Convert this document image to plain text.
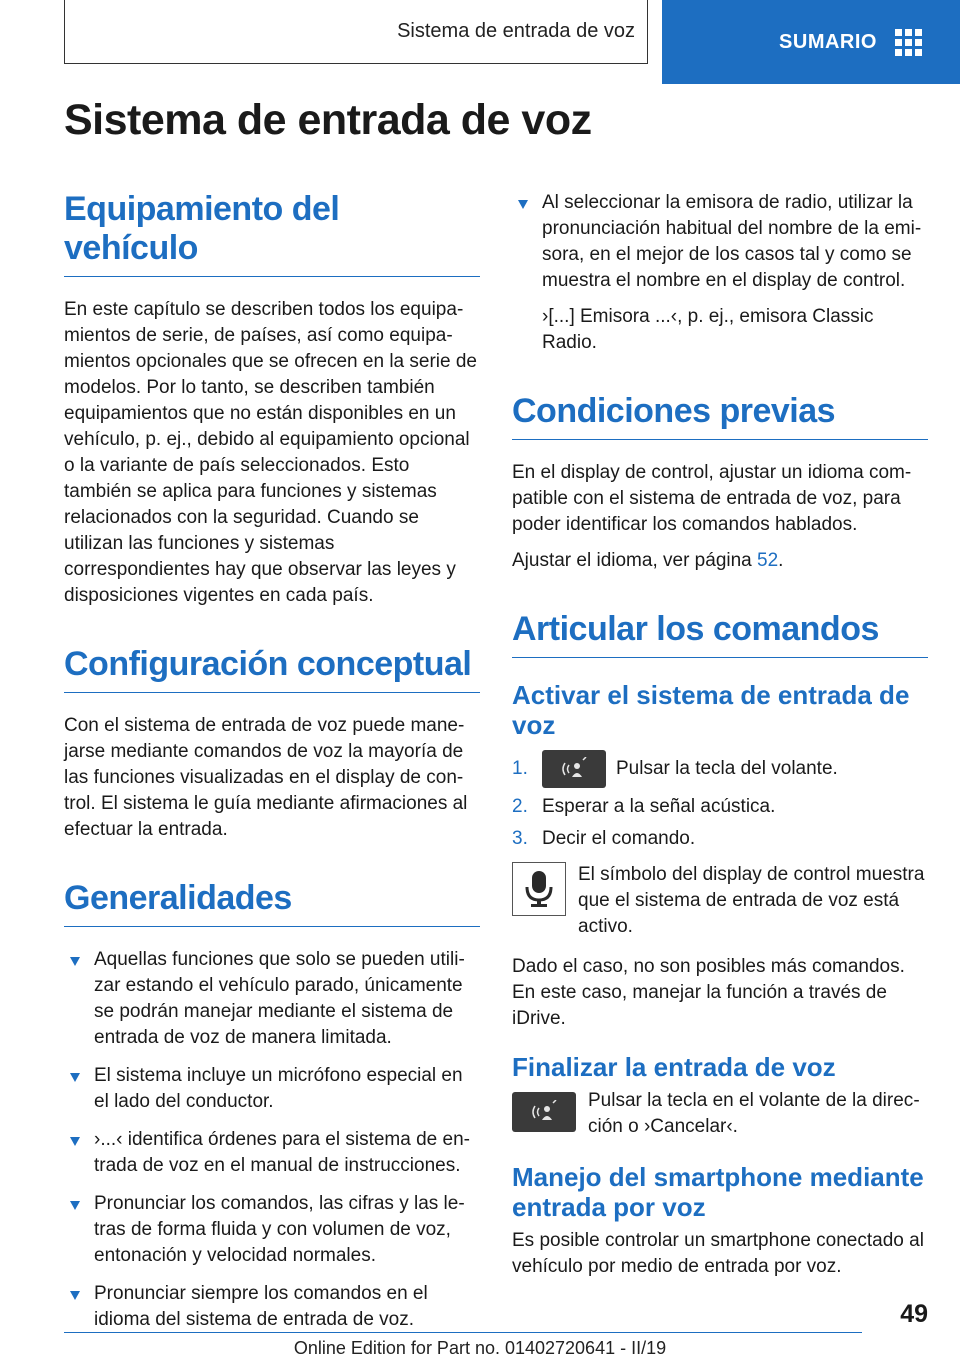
Sistema de entrada de voz	SUMARIO
Sistema de entrada de voz
Equipamiento del vehículo

En este capítulo se describen todos los equipamientos de serie, de países, así como equipamientos opcionales que se ofrecen en la serie de modelos. Por lo tanto, se describen también equipamientos que no están disponibles en un vehículo, p. ej., debido al equipamiento opcional o la variante de país seleccionados. Esto también se aplica para funciones y sistemas relacionados con la seguridad. Cuando se utilizan las funciones y sistemas correspondientes hay que observar las leyes y disposiciones vigentes en cada país.

Configuración conceptual

Con el sistema de entrada de voz puede manejarse mediante comandos de voz la mayoría de las funciones visualizadas en el display de control. El sistema le guía mediante afirmaciones al efectuar la entrada.

Generalidades
Aquellas funciones que solo se pueden utilizar estando el vehículo parado, únicamente se podrán manejar mediante el sistema de entrada de voz de manera limitada.
El sistema incluye un micrófono especial en el lado del conductor.
›...‹ identifica órdenes para el sistema de entrada de voz en el manual de instrucciones.
Pronunciar los comandos, las cifras y las letras de forma fluida y con volumen de voz, entonación y velocidad normales.
Pronunciar siempre los comandos en el idioma del sistema de entrada de voz.
Al seleccionar la emisora de radio, utilizar la pronunciación habitual del nombre de la emisora, en el mejor de los casos tal y como se muestra el nombre en el display de control.

›[...] Emisora ...‹, p. ej., emisora Classic Radio.

Condiciones previas

En el display de control, ajustar un idioma compatible con el sistema de entrada de voz, para poder identificar los comandos hablados.

Ajustar el idioma, ver página 52.

Articular los comandos
Activar el sistema de entrada de voz
1.	Pulsar la tecla del volante.
2. Esperar a la señal acústica.
3. Decir el comando.

El símbolo del display de control muestra que el sistema de entrada de voz está activo.

Dado el caso, no son posibles más comandos. En este caso, manejar la función a través de iDrive.

Finalizar la entrada de voz

Pulsar la tecla en el volante de la dirección o ›Cancelar‹.

Manejo del smartphone mediante entrada por voz

Es posible controlar un smartphone conectado al vehículo por medio de entrada por voz.

49
Online Edition for Part no. 01402720641 - II/19
